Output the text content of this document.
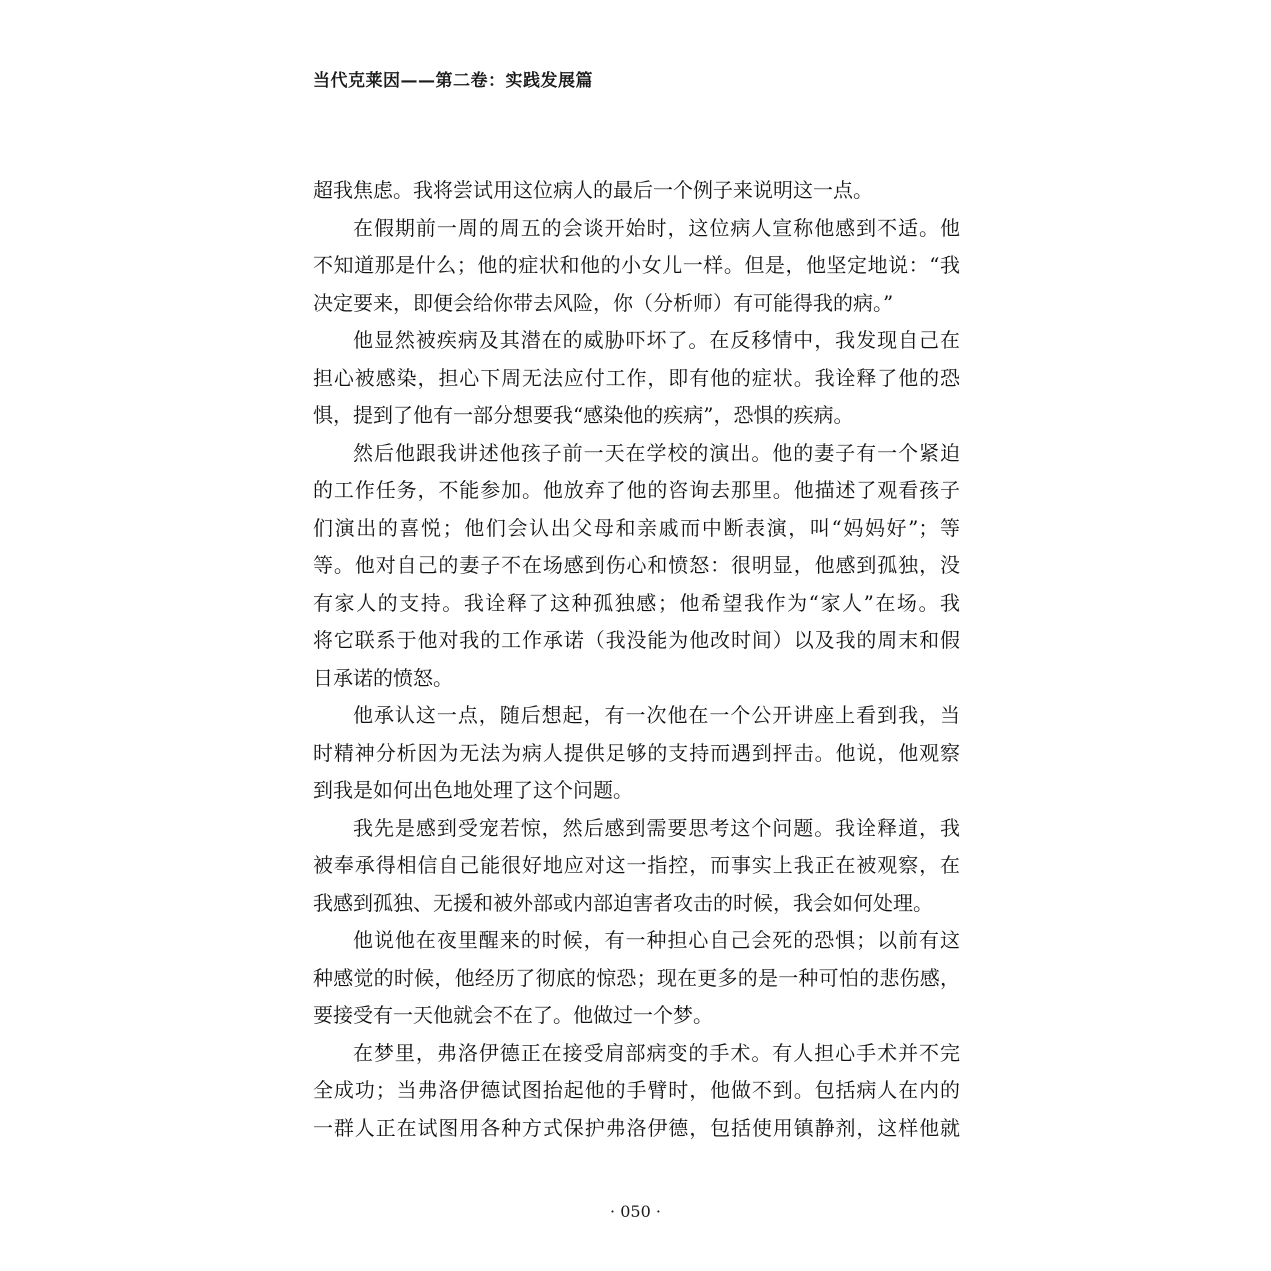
当代克莱因——第二卷：实践发展篇
超我焦虑。我将尝试用这位病人的最后一个例子来说明这一点。
在假期前一周的周五的会谈开始时，这位病人宣称他感到不适。他
不知道那是什么；他的症状和他的小女儿一样。但是，他坚定地说：“我
决定要来，即便会给你带去风险，你（分析师）有可能得我的病。”
他显然被疾病及其潜在的威胁吓坏了。在反移情中，我发现自己在
担心被感染，担心下周无法应付工作，即有他的症状。我诠释了他的恐
惧，提到了他有一部分想要我“感染他的疾病”，恐惧的疾病。
然后他跟我讲述他孩子前一天在学校的演出。他的妻子有一个紧迫
的工作任务，不能参加。他放弃了他的咨询去那里。他描述了观看孩子
们演出的喜悦；他们会认出父母和亲戚而中断表演，叫“妈妈好”；等
等。他对自己的妻子不在场感到伤心和愤怒：很明显，他感到孤独，没
有家人的支持。我诠释了这种孤独感；他希望我作为“家人”在场。我
将它联系于他对我的工作承诺（我没能为他改时间）以及我的周末和假
日承诺的愤怒。
他承认这一点，随后想起，有一次他在一个公开讲座上看到我，当
时精神分析因为无法为病人提供足够的支持而遇到抨击。他说，他观察
到我是如何出色地处理了这个问题。
我先是感到受宠若惊，然后感到需要思考这个问题。我诠释道，我
被奉承得相信自己能很好地应对这一指控，而事实上我正在被观察，在
我感到孤独、无援和被外部或内部迫害者攻击的时候，我会如何处理。
他说他在夜里醒来的时候，有一种担心自己会死的恐惧；以前有这
种感觉的时候，他经历了彻底的惊恐；现在更多的是一种可怕的悲伤感，
要接受有一天他就会不在了。他做过一个梦。
在梦里，弗洛伊德正在接受肩部病变的手术。有人担心手术并不完
全成功；当弗洛伊德试图抬起他的手臂时，他做不到。包括病人在内的
一群人正在试图用各种方式保护弗洛伊德，包括使用镇静剂，这样他就
· 050 ·
